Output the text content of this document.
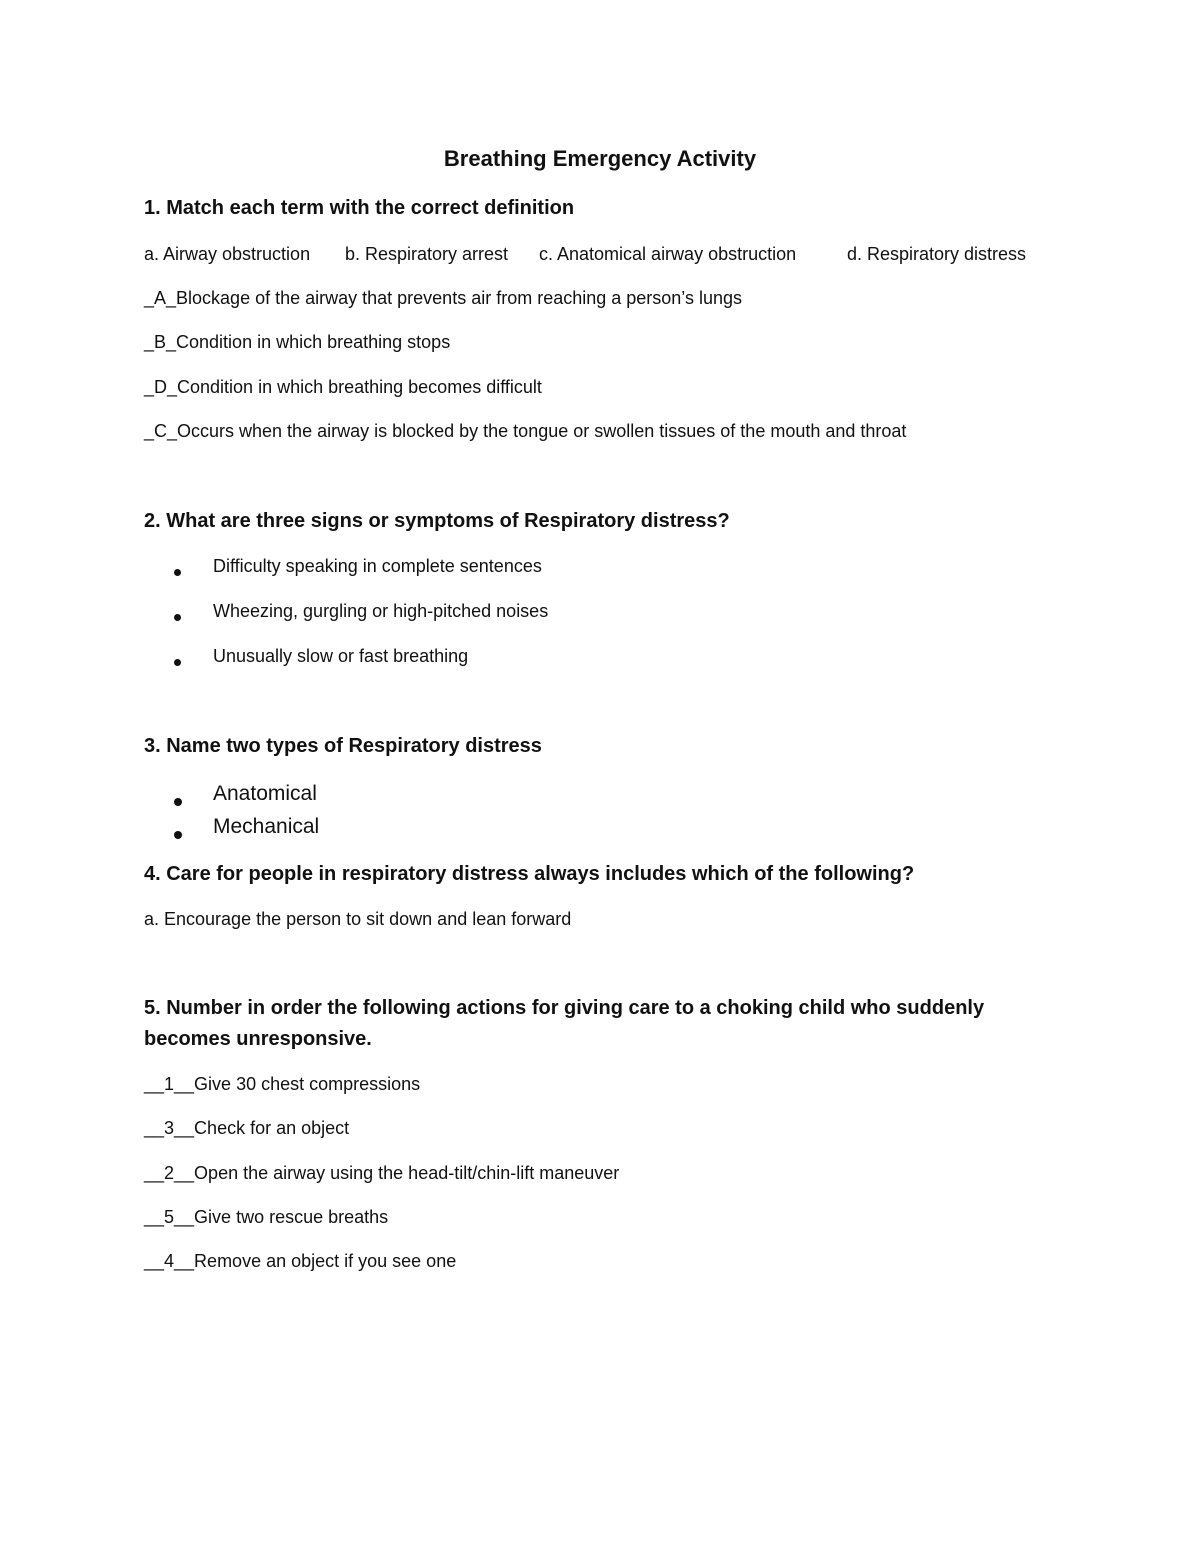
Breathing Emergency Activity
1. Match each term with the correct definition
a. Airway obstruction b. Respiratory arrest c. Anatomical airway obstruction	d. Respiratory distress
_A_Blockage of the airway that prevents air from reaching a person’s lungs
_B_Condition in which breathing stops
_D_Condition in which breathing becomes difficult
_C_Occurs when the airway is blocked by the tongue or swollen tissues of the mouth and throat
2. What are three signs or symptoms of Respiratory distress?
Difficulty speaking in complete sentences
Wheezing, gurgling or high-pitched noises
Unusually slow or fast breathing
3. Name two types of Respiratory distress
Anatomical
Mechanical
4. Care for people in respiratory distress always includes which of the following?
a. Encourage the person to sit down and lean forward
5. Number in order the following actions for giving care to a choking child who suddenly
becomes unresponsive.
__1__Give 30 chest compressions
__3__Check for an object
__2__Open the airway using the head-tilt/chin-lift maneuver
__5__Give two rescue breaths
__4__Remove an object if you see one
